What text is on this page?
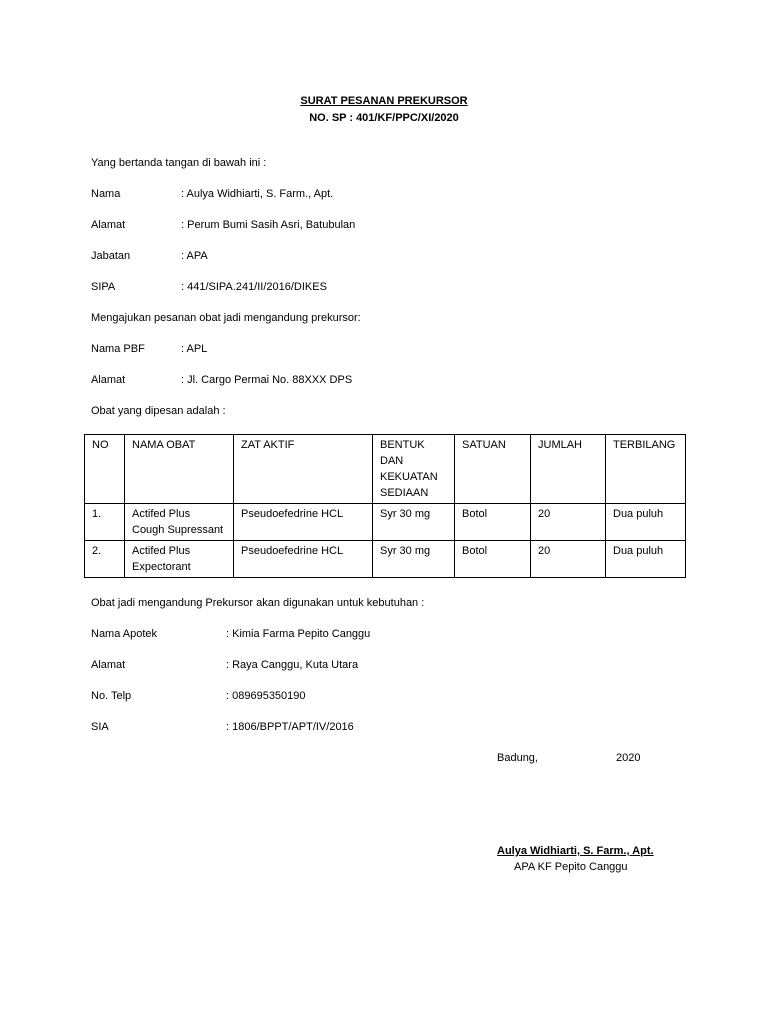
SURAT PESANAN PREKURSOR
NO. SP : 401/KF/PPC/XI/2020
Yang bertanda tangan di bawah ini :
Nama	: Aulya Widhiarti, S. Farm., Apt.
Alamat	: Perum Bumi Sasih Asri, Batubulan
Jabatan	: APA
SIPA	: 441/SIPA.241/II/2016/DIKES
Mengajukan pesanan obat jadi mengandung prekursor:
Nama PBF	: APL
Alamat	: Jl. Cargo Permai No. 88XXX DPS
Obat yang dipesan adalah :
NO	NAMA OBAT	ZAT AKTIF	BENTUK
DAN
KEKUATAN
SEDIAAN	SATUAN	JUMLAH	TERBILANG
1.	Actifed Plus
Cough Supressant	Pseudoefedrine HCL	Syr 30 mg	Botol	20	Dua puluh
2.	Actifed Plus
Expectorant	Pseudoefedrine HCL	Syr 30 mg	Botol	20	Dua puluh
Obat jadi mengandung Prekursor akan digunakan untuk kebutuhan :
Nama Apotek	: Kimia Farma Pepito Canggu
Alamat	: Raya Canggu, Kuta Utara
No. Telp	: 089695350190
SIA	: 1806/BPPT/APT/IV/2016
Badung,	2020
Aulya Widhiarti, S. Farm., Apt.
APA KF Pepito Canggu
